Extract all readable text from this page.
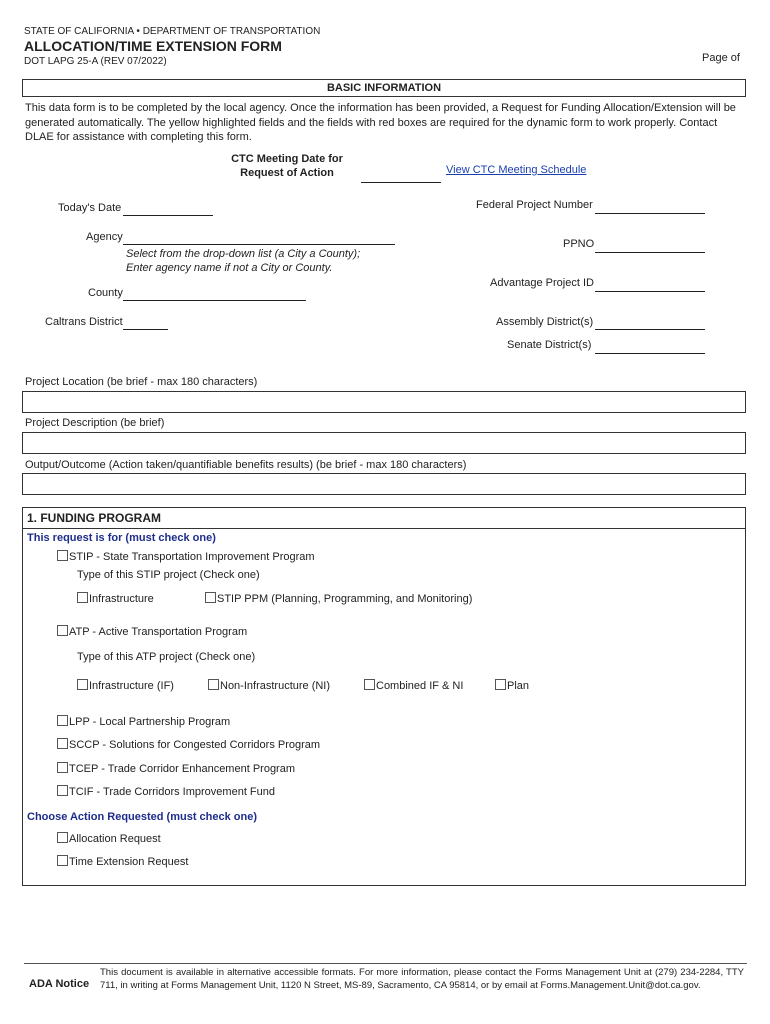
STATE OF CALIFORNIA • DEPARTMENT OF TRANSPORTATION
ALLOCATION/TIME EXTENSION FORM
DOT LAPG 25-A (REV 07/2022)	Page of
BASIC INFORMATION
This data form is to be completed by the local agency. Once the information has been provided, a Request for Funding Allocation/Extension will be generated automatically. The yellow highlighted fields and the fields with red boxes are required for the dynamic form to work properly. Contact DLAE for assistance with completing this form.
CTC Meeting Date for
Request of Action	View CTC Meeting Schedule
Today's Date
Agency
Select from the drop-down list (a City a County);
Enter agency name if not a City or County.
County
Caltrans District
Federal Project Number
PPNO
Advantage Project ID
Assembly District(s)
Senate District(s)
Project Location (be brief - max 180 characters)
Project Description (be brief)
Output/Outcome (Action taken/quantifiable benefits results) (be brief - max 180 characters)
1. FUNDING PROGRAM
This request is for (must check one)
STIP - State Transportation Improvement Program
Type of this STIP project (Check one)
Infrastructure	STIP PPM (Planning, Programming, and Monitoring)
ATP - Active Transportation Program
Type of this ATP project (Check one)
Infrastructure (IF)	Non-Infrastructure (NI)	Combined IF & NI	Plan
LPP - Local Partnership Program
SCCP - Solutions for Congested Corridors Program
TCEP - Trade Corridor Enhancement Program
TCIF - Trade Corridors Improvement Fund
Choose Action Requested (must check one)
Allocation Request
Time Extension Request
ADA Notice
This document is available in alternative accessible formats. For more information, please contact the Forms Management Unit at (279) 234-2284, TTY 711, in writing at Forms Management Unit, 1120 N Street, MS-89, Sacramento, CA 95814, or by email at Forms.Management.Unit@dot.ca.gov.
